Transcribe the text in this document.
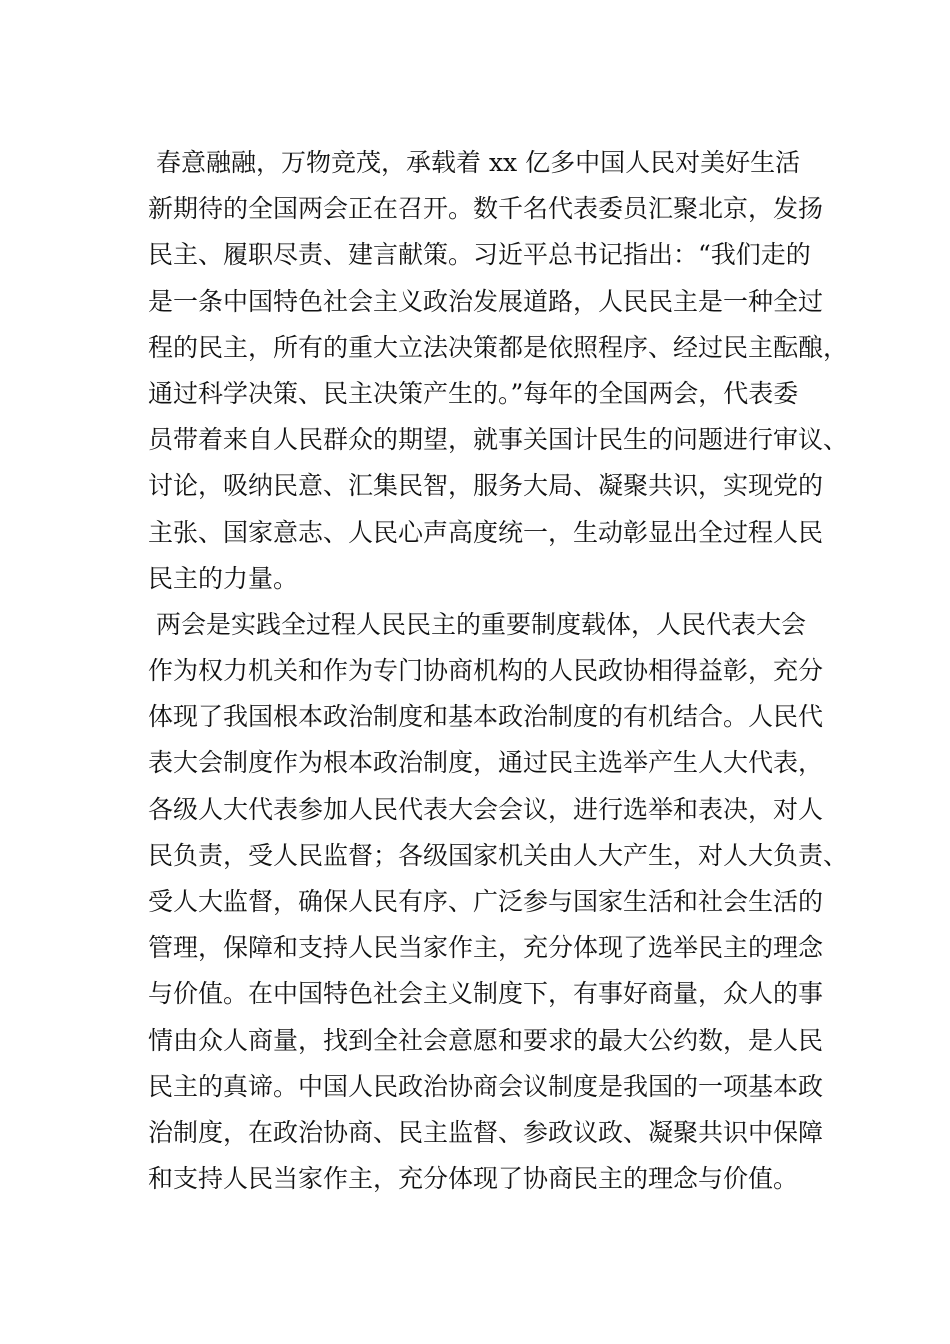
春意融融，万物竞茂，承载着 xx 亿多中国人民对美好生活
新期待的全国两会正在召开。数千名代表委员汇聚北京，发扬
民主、履职尽责、建言献策。习近平总书记指出：“我们走的
是一条中国特色社会主义政治发展道路，人民民主是一种全过
程的民主，所有的重大立法决策都是依照程序、经过民主酝酿，
通过科学决策、民主决策产生的。”每年的全国两会，代表委
员带着来自人民群众的期望，就事关国计民生的问题进行审议、
讨论，吸纳民意、汇集民智，服务大局、凝聚共识，实现党的
主张、国家意志、人民心声高度统一，生动彰显出全过程人民
民主的力量。
两会是实践全过程人民民主的重要制度载体，人民代表大会
作为权力机关和作为专门协商机构的人民政协相得益彰，充分
体现了我国根本政治制度和基本政治制度的有机结合。人民代
表大会制度作为根本政治制度，通过民主选举产生人大代表，
各级人大代表参加人民代表大会会议，进行选举和表决，对人
民负责，受人民监督；各级国家机关由人大产生，对人大负责、
受人大监督，确保人民有序、广泛参与国家生活和社会生活的
管理，保障和支持人民当家作主，充分体现了选举民主的理念
与价值。在中国特色社会主义制度下，有事好商量，众人的事
情由众人商量，找到全社会意愿和要求的最大公约数，是人民
民主的真谛。中国人民政治协商会议制度是我国的一项基本政
治制度，在政治协商、民主监督、参政议政、凝聚共识中保障
和支持人民当家作主，充分体现了协商民主的理念与价值。
